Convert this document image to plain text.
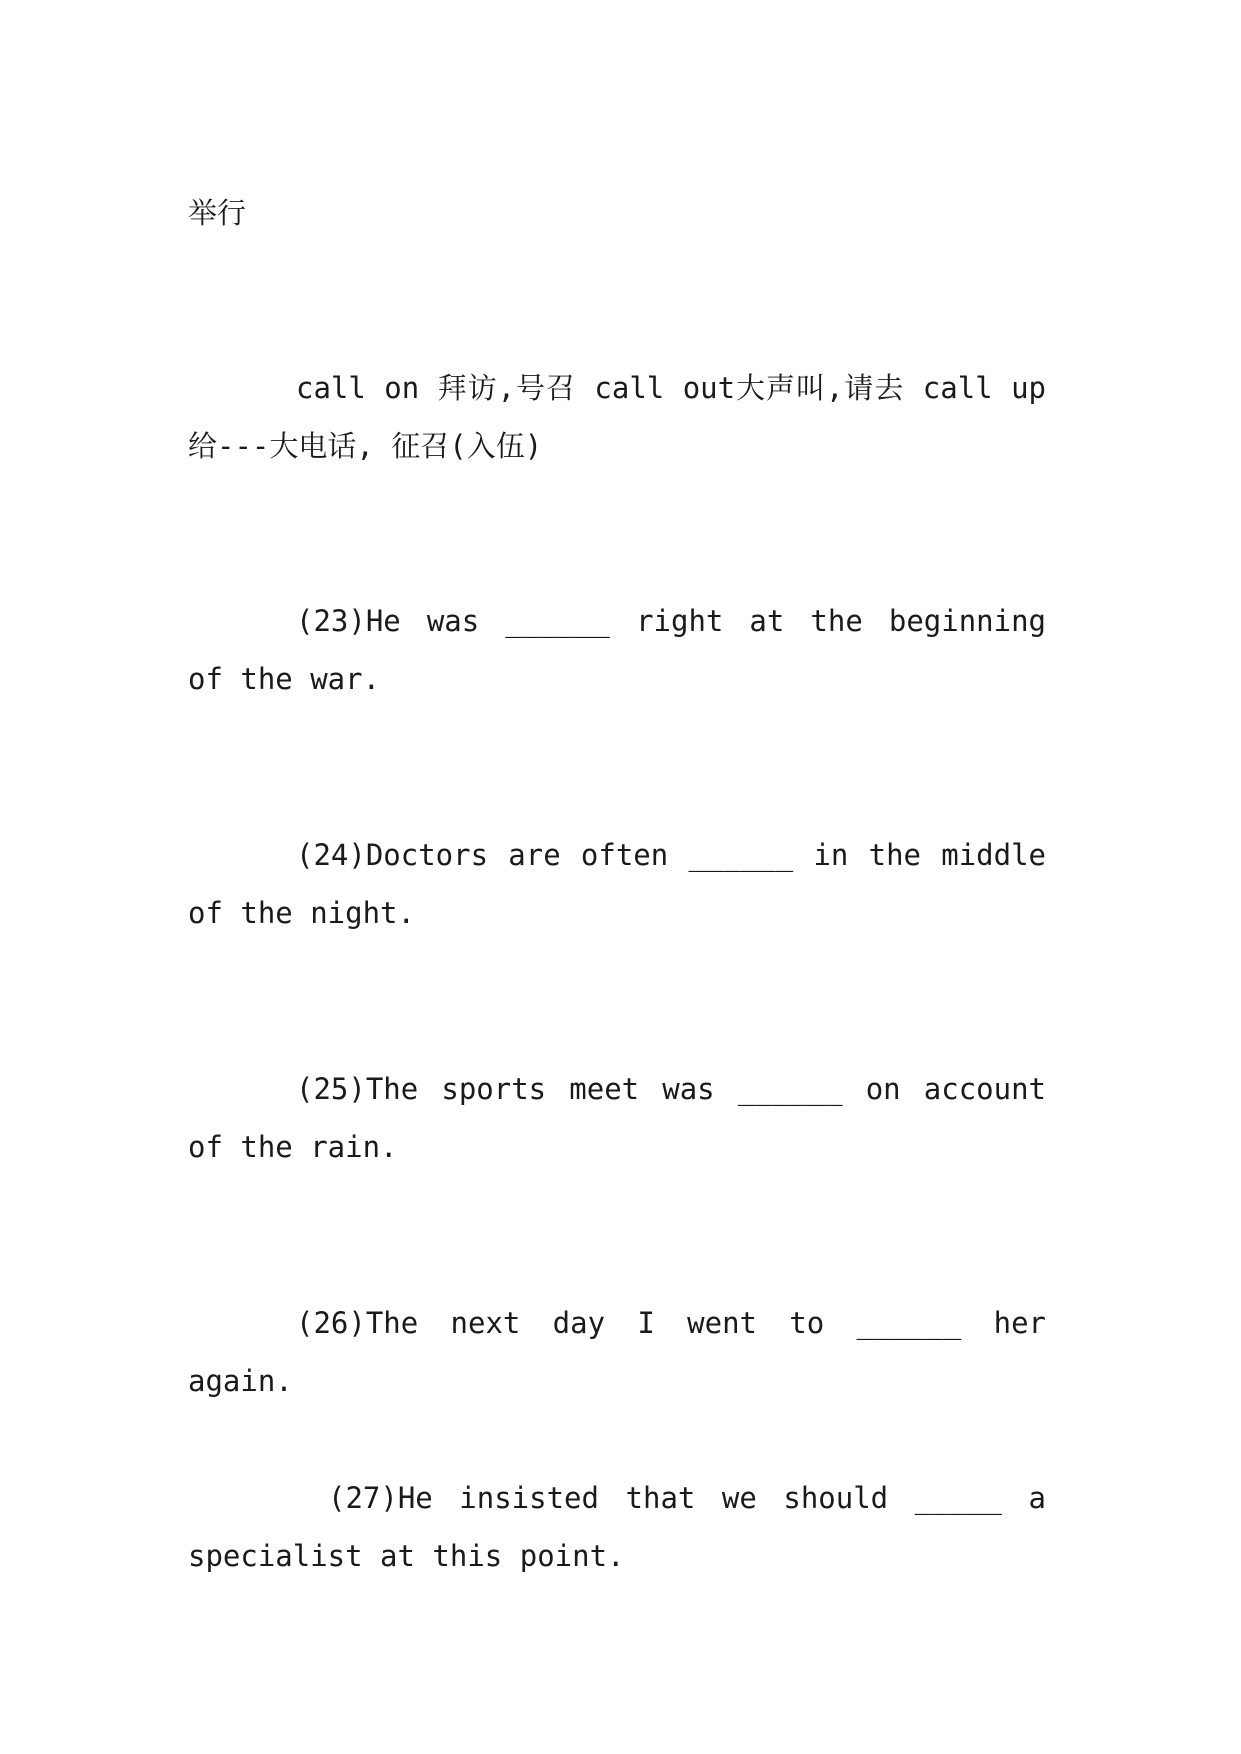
举行

call on 拜访,号召 call out大声叫,请去 call up 给---大电话, 征召(入伍)

(23)He was ______ right at the beginning of the war.

(24)Doctors are often ______ in the middle of the night.

(25)The sports meet was ______ on account of the rain.

(26)The next day I went to ______ her again.

(27)He insisted that we should _____ a specialist at this point.
